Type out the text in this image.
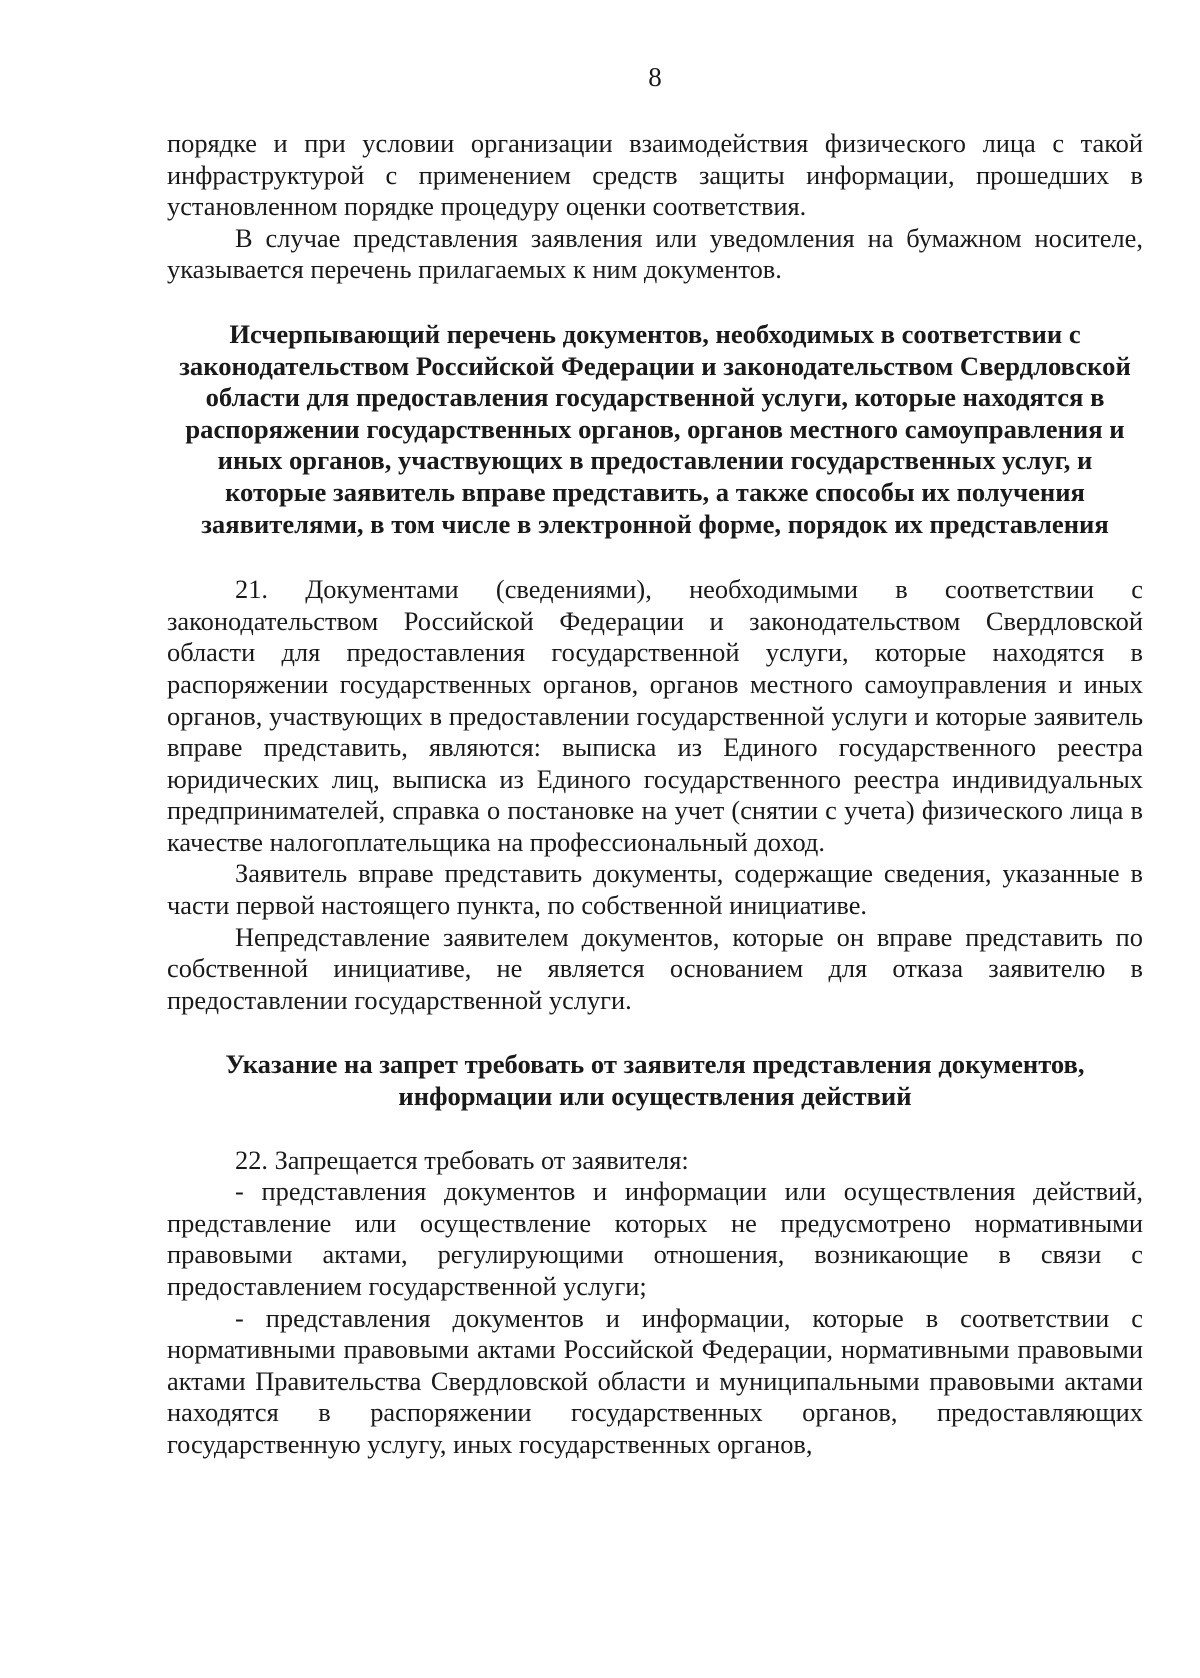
8

порядке и при условии организации взаимодействия физического лица с такой инфраструктурой с применением средств защиты информации, прошедших в установленном порядке процедуру оценки соответствия.

В случае представления заявления или уведомления на бумажном носителе, указывается перечень прилагаемых к ним документов.

Исчерпывающий перечень документов, необходимых в соответствии с законодательством Российской Федерации и законодательством Свердловской области для предоставления государственной услуги, которые находятся в распоряжении государственных органов, органов местного самоуправления и иных органов, участвующих в предоставлении государственных услуг, и которые заявитель вправе представить, а также способы их получения заявителями, в том числе в электронной форме, порядок их представления

21. Документами (сведениями), необходимыми в соответствии с законодательством Российской Федерации и законодательством Свердловской области для предоставления государственной услуги, которые находятся в распоряжении государственных органов, органов местного самоуправления и иных органов, участвующих в предоставлении государственной услуги и которые заявитель вправе представить, являются: выписка из Единого государственного реестра юридических лиц, выписка из Единого государственного реестра индивидуальных предпринимателей, справка о постановке на учет (снятии с учета) физического лица в качестве налогоплательщика на профессиональный доход.

Заявитель вправе представить документы, содержащие сведения, указанные в части первой настоящего пункта, по собственной инициативе.

Непредставление заявителем документов, которые он вправе представить по собственной инициативе, не является основанием для отказа заявителю в предоставлении государственной услуги.

Указание на запрет требовать от заявителя представления документов, информации или осуществления действий

22. Запрещается требовать от заявителя:

- представления документов и информации или осуществления действий, представление или осуществление которых не предусмотрено нормативными правовыми актами, регулирующими отношения, возникающие в связи с предоставлением государственной услуги;

- представления документов и информации, которые в соответствии с нормативными правовыми актами Российской Федерации, нормативными правовыми актами Правительства Свердловской области и муниципальными правовыми актами находятся в распоряжении государственных органов, предоставляющих государственную услугу, иных государственных органов,
